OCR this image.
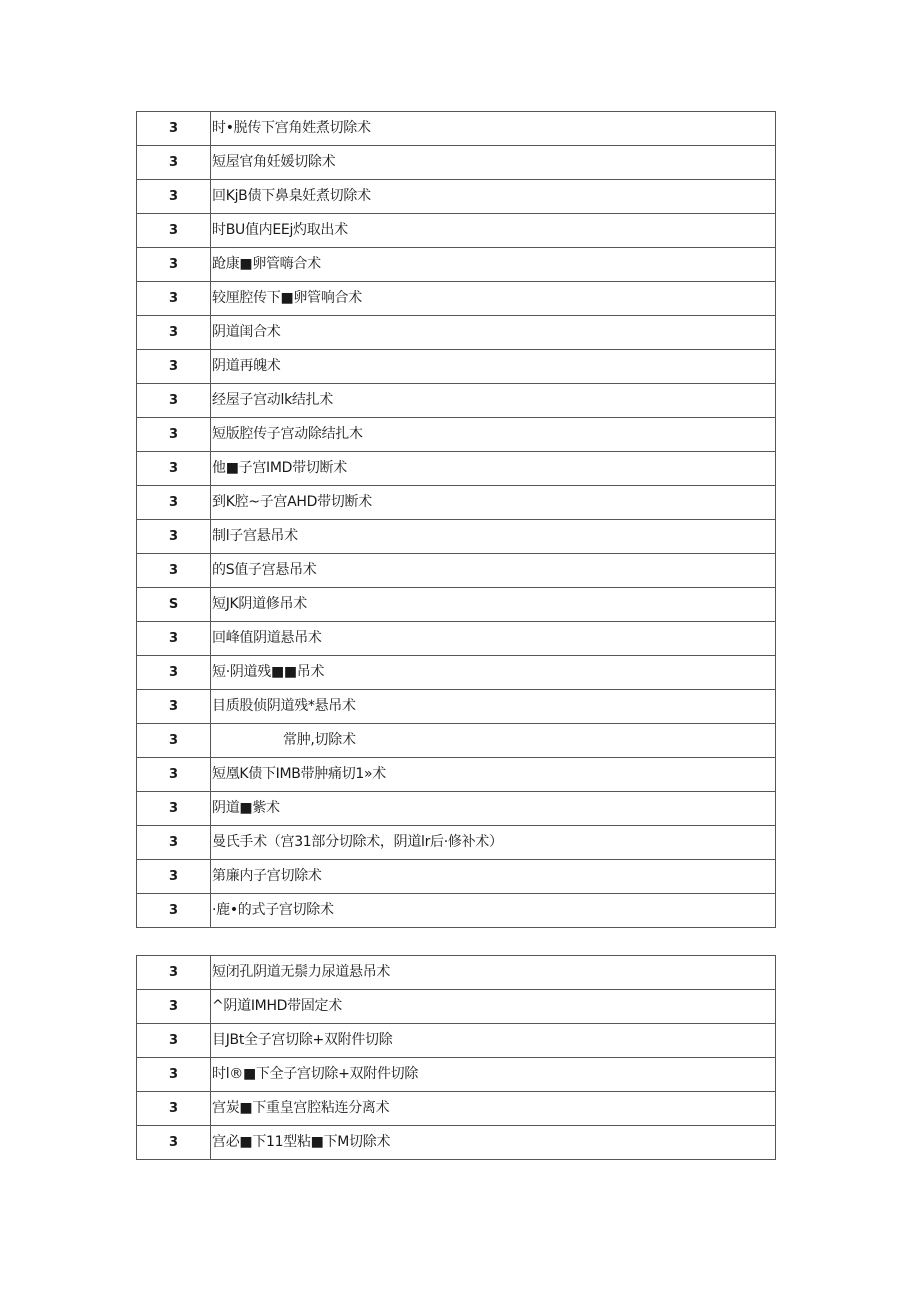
3	时•脱传下宫角姓煮切除术
3	短屋官角妊媛切除术
3	回KjB债下鼻臬妊煮切除术
3	时BU值内EEj灼取出术
3	跄康■卵管嗨合术
3	较厘腔传下■卵管响合术
3	阴道闺合术
3	阴道再魄术
3	经屋子宫动lk结扎术
3	短版腔传子宫动除结扎木
3	他■子宫IMD带切断术
3	到K腔~子宫AHD带切断术
3	制l子宫悬吊术
3	的S值子宫悬吊术
S	短JK阴道修吊术
3	回峰值阴道悬吊术
3	短·阴道残■■吊术
3	目质股侦阴道残*悬吊术
3	常肿,切除术
3	短凰K债下IMB带肿痛切1»术
3	阴道■紫术
3	曼氏手术（宫31部分切除术，阴道lr后·修补术）
3	第廉内子宫切除术
3	·鹿•的式子宫切除术
3	短闭孔阴道无鬃力尿道悬吊术
3	^阴道IMHD带固定术
3	目JBt全子宫切除+双附件切除
3	时l®■下全子宫切除+双附件切除
3	宫炭■下重皇宫腔粘连分离术
3	宫必■下11型粘■下M切除术
